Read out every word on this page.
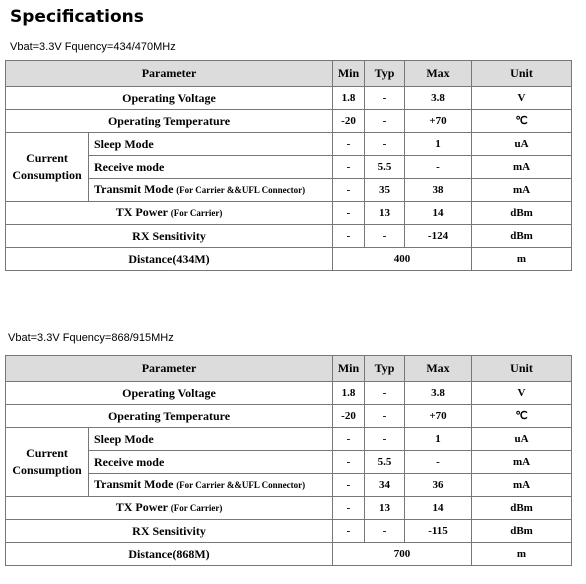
Specifications
Vbat=3.3V Fquency=434/470MHz
Parameter		Min	Typ	Max	Unit
Operating Voltage		1.8	-	3.8	V
Operating Temperature		-20	-	+70	℃
Current
Consumption	Sleep Mode	-	-	1	uA
	Receive mode	-	5.5	-	mA
	Transmit Mode (For Carrier &&UFL Connector)	-	35	38	mA
TX Power (For Carrier)		-	13	14	dBm
RX Sensitivity		-	-	-124	dBm
Distance(434M)		400			m
Vbat=3.3V Fquency=868/915MHz
Parameter		Min	Typ	Max	Unit
Operating Voltage		1.8	-	3.8	V
Operating Temperature		-20	-	+70	℃
Current
Consumption	Sleep Mode	-	-	1	uA
	Receive mode	-	5.5	-	mA
	Transmit Mode (For Carrier &&UFL Connector)	-	34	36	mA
TX Power (For Carrier)		-	13	14	dBm
RX Sensitivity		-	-	-115	dBm
Distance(868M)		700			m
